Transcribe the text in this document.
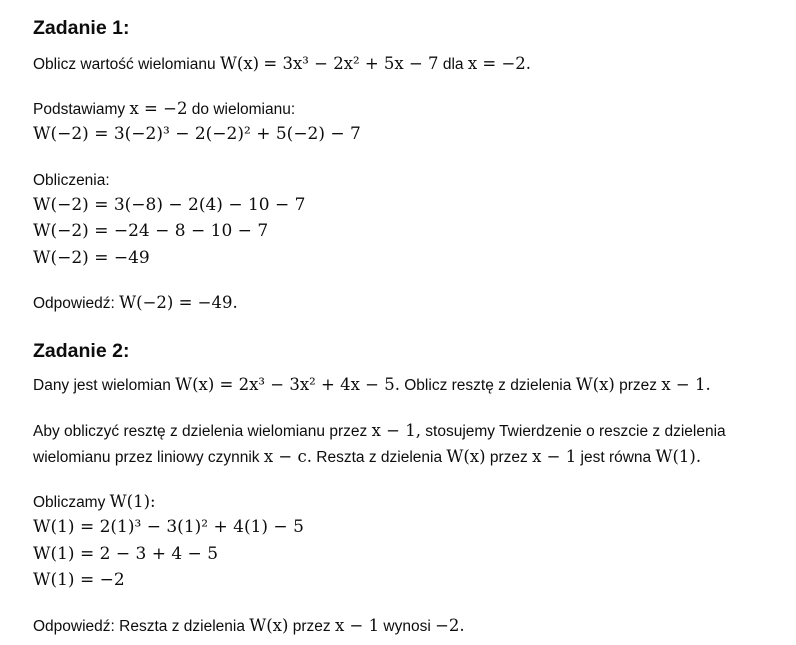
Zadanie 1:
Oblicz wartość wielomianu W(x) = 3x³ − 2x² + 5x − 7 dla x = −2.
Podstawiamy x = −2 do wielomianu:
W(−2) = 3(−2)³ − 2(−2)² + 5(−2) − 7
Obliczenia:
W(−2) = 3(−8) − 2(4) − 10 − 7
W(−2) = −24 − 8 − 10 − 7
W(−2) = −49
Odpowiedź: W(−2) = −49.
Zadanie 2:
Dany jest wielomian W(x) = 2x³ − 3x² + 4x − 5. Oblicz resztę z dzielenia W(x) przez x − 1.
Aby obliczyć resztę z dzielenia wielomianu przez x − 1, stosujemy Twierdzenie o reszcie z dzielenia
wielomianu przez liniowy czynnik x − c. Reszta z dzielenia W(x) przez x − 1 jest równa W(1).
Obliczamy W(1):
W(1) = 2(1)³ − 3(1)² + 4(1) − 5
W(1) = 2 − 3 + 4 − 5
W(1) = −2
Odpowiedź: Reszta z dzielenia W(x) przez x − 1 wynosi −2.
